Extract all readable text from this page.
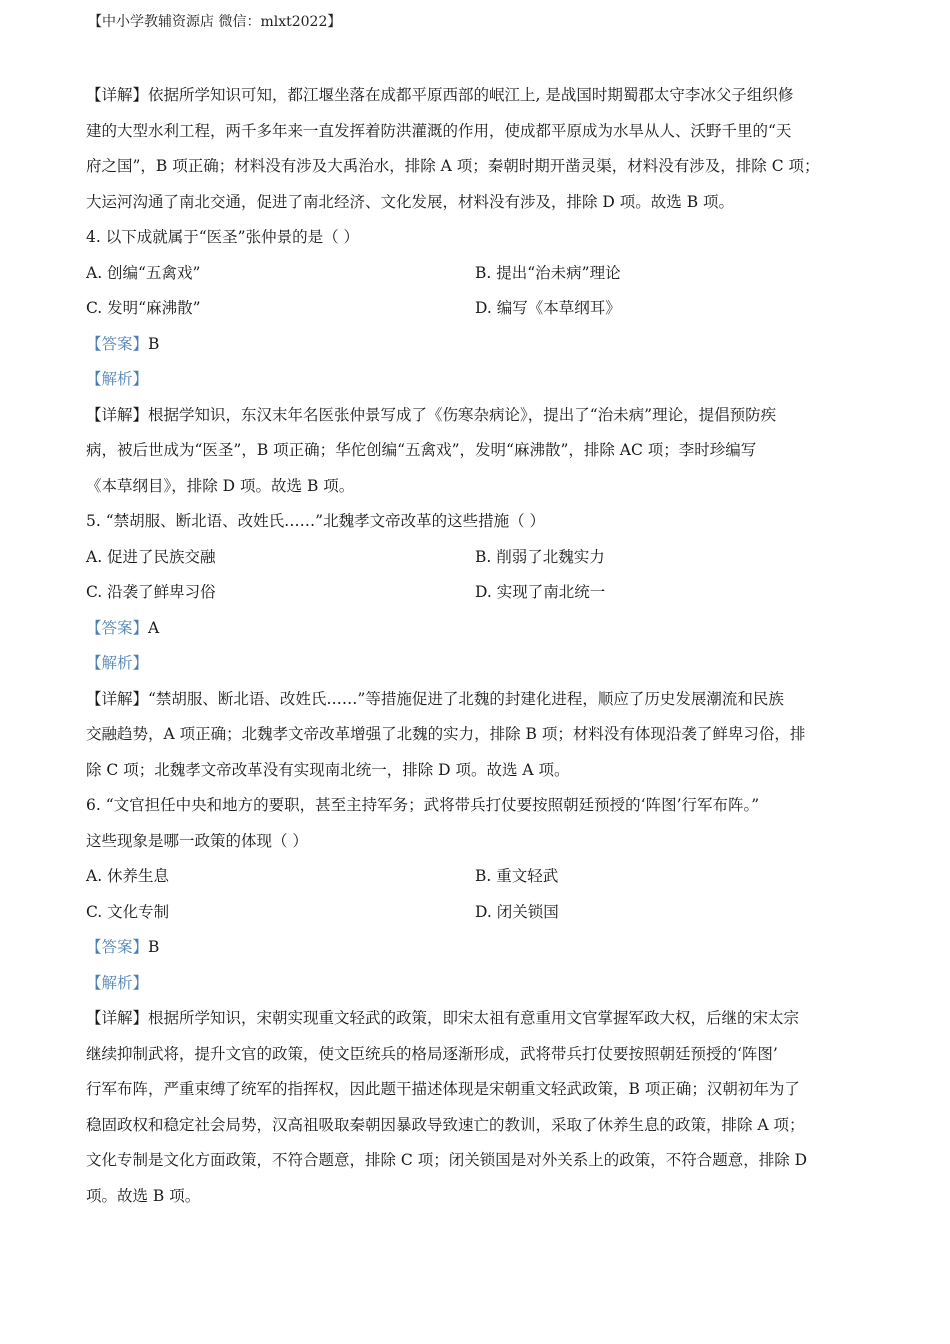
【中小学教辅资源店 微信：mlxt2022】
【详解】依据所学知识可知，都江堰坐落在成都平原西部的岷江上, 是战国时期蜀郡太守李冰父子组织修
建的大型水利工程，两千多年来一直发挥着防洪灌溉的作用，使成都平原成为水旱从人、沃野千里的“天
府之国”，B 项正确；材料没有涉及大禹治水，排除 A 项；秦朝时期开凿灵渠，材料没有涉及，排除 C 项；
大运河沟通了南北交通，促进了南北经济、文化发展，材料没有涉及，排除 D 项。故选 B 项。
4. 以下成就属于“医圣”张仲景的是（ ）
A. 创编“五禽戏”	B. 提出“治未病”理论
C. 发明“麻沸散”	D. 编写《本草纲耳》
【答案】B
【解析】
【详解】根据学知识，东汉末年名医张仲景写成了《伤寒杂病论》，提出了“治未病”理论，提倡预防疾
病，被后世成为“医圣”，B 项正确；华佗创编“五禽戏”，发明“麻沸散”，排除 AC 项；李时珍编写
《本草纲目》，排除 D 项。故选 B 项。
5. “禁胡服、断北语、改姓氏……”北魏孝文帝改革的这些措施（ ）
A. 促进了民族交融	B. 削弱了北魏实力
C. 沿袭了鲜卑习俗	D. 实现了南北统一
【答案】A
【解析】
【详解】“禁胡服、断北语、改姓氏……”等措施促进了北魏的封建化进程，顺应了历史发展潮流和民族
交融趋势，A 项正确；北魏孝文帝改革增强了北魏的实力，排除 B 项；材料没有体现沿袭了鲜卑习俗，排
除 C 项；北魏孝文帝改革没有实现南北统一，排除 D 项。故选 A 项。
6. “文官担任中央和地方的要职，甚至主持军务；武将带兵打仗要按照朝廷预授的‘阵图’行军布阵。”
这些现象是哪一政策的体现（ ）
A. 休养生息	B. 重文轻武
C. 文化专制	D. 闭关锁国
【答案】B
【解析】
【详解】根据所学知识，宋朝实现重文轻武的政策，即宋太祖有意重用文官掌握军政大权，后继的宋太宗
继续抑制武将，提升文官的政策，使文臣统兵的格局逐渐形成，武将带兵打仗要按照朝廷预授的‘阵图’
行军布阵，严重束缚了统军的指挥权，因此题干描述体现是宋朝重文轻武政策，B 项正确；汉朝初年为了
稳固政权和稳定社会局势，汉高祖吸取秦朝因暴政导致速亡的教训，采取了休养生息的政策，排除 A 项；
文化专制是文化方面政策，不符合题意，排除 C 项；闭关锁国是对外关系上的政策，不符合题意，排除 D
项。故选 B 项。
